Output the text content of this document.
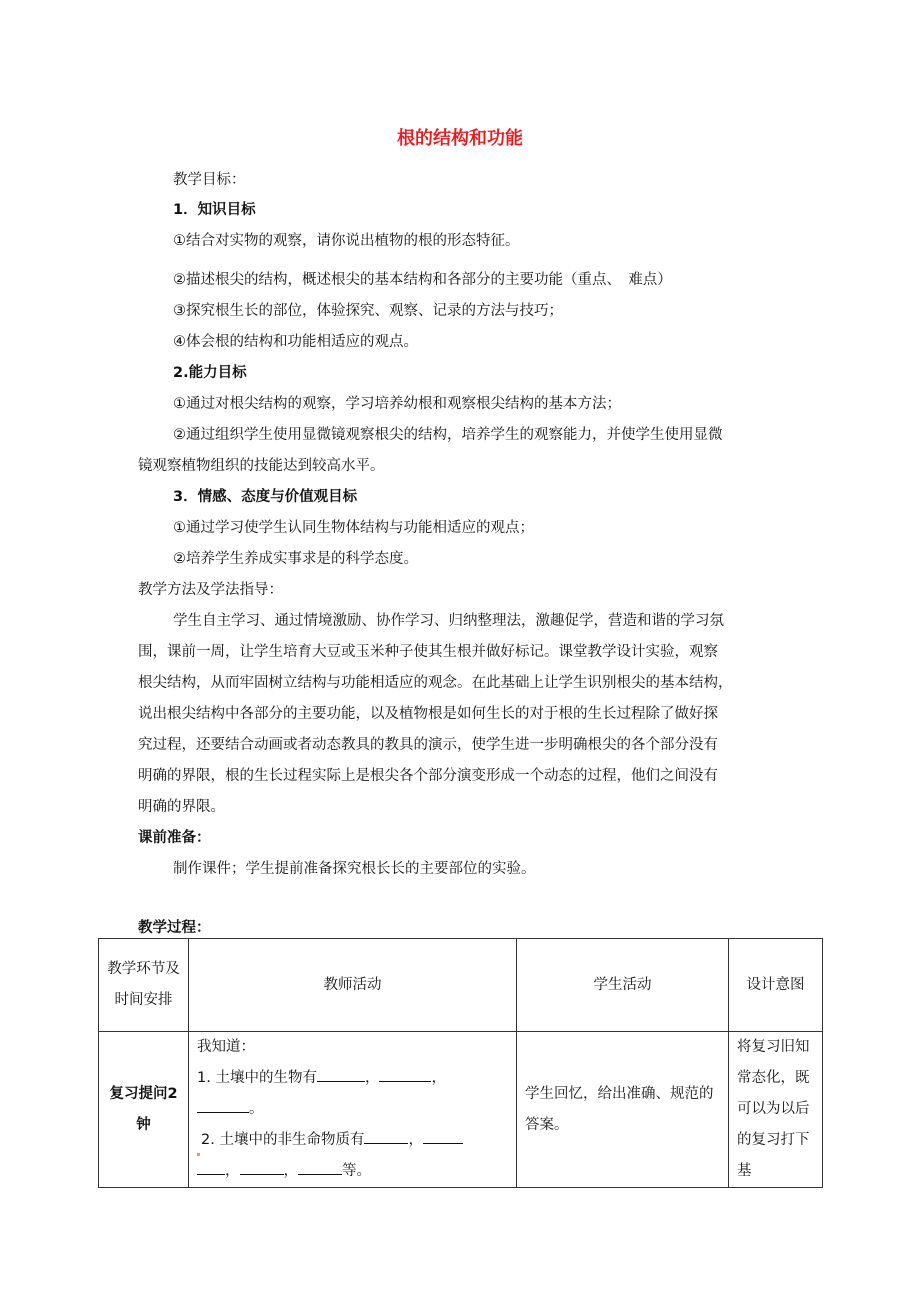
根的结构和功能
教学目标：
1．知识目标
①结合对实物的观察，请你说出植物的根的形态特征。
②描述根尖的结构，概述根尖的基本结构和各部分的主要功能（重点、　难点）
③探究根生长的部位，体验探究、观察、记录的方法与技巧；
④体会根的结构和功能相适应的观点。
2.能力目标
①通过对根尖结构的观察，学习培养幼根和观察根尖结构的基本方法；
②通过组织学生使用显微镜观察根尖的结构，培养学生的观察能力，并使学生使用显微
镜观察植物组织的技能达到较高水平。
3．情感、态度与价值观目标
①通过学习使学生认同生物体结构与功能相适应的观点；
②培养学生养成实事求是的科学态度。
教学方法及学法指导：
学生自主学习、通过情境激励、协作学习、归纳整理法，激趣促学，营造和谐的学习氛
围，课前一周，让学生培育大豆或玉米种子使其生根并做好标记。课堂教学设计实验，观察
根尖结构，从而牢固树立结构与功能相适应的观念。在此基础上让学生识别根尖的基本结构，
说出根尖结构中各部分的主要功能，以及植物根是如何生长的对于根的生长过程除了做好探
究过程，还要结合动画或者动态教具的教具的演示，使学生进一步明确根尖的各个部分没有
明确的界限，根的生长过程实际上是根尖各个部分演变形成一个动态的过程，他们之间没有
明确的界限。
课前准备：
制作课件；学生提前准备探究根长长的主要部位的实验。
教学过程：
教学环节及时间安排	教师活动	学生活动	设计意图
复习提问2钟	我知道：
1. 土壤中的生物有 ， ，
。
2. 土壤中的非生命物质有 ，
， ， 等。	学生回忆，给出准确、规范的答案。	将复习旧知常态化，既可以为以后的复习打下基
